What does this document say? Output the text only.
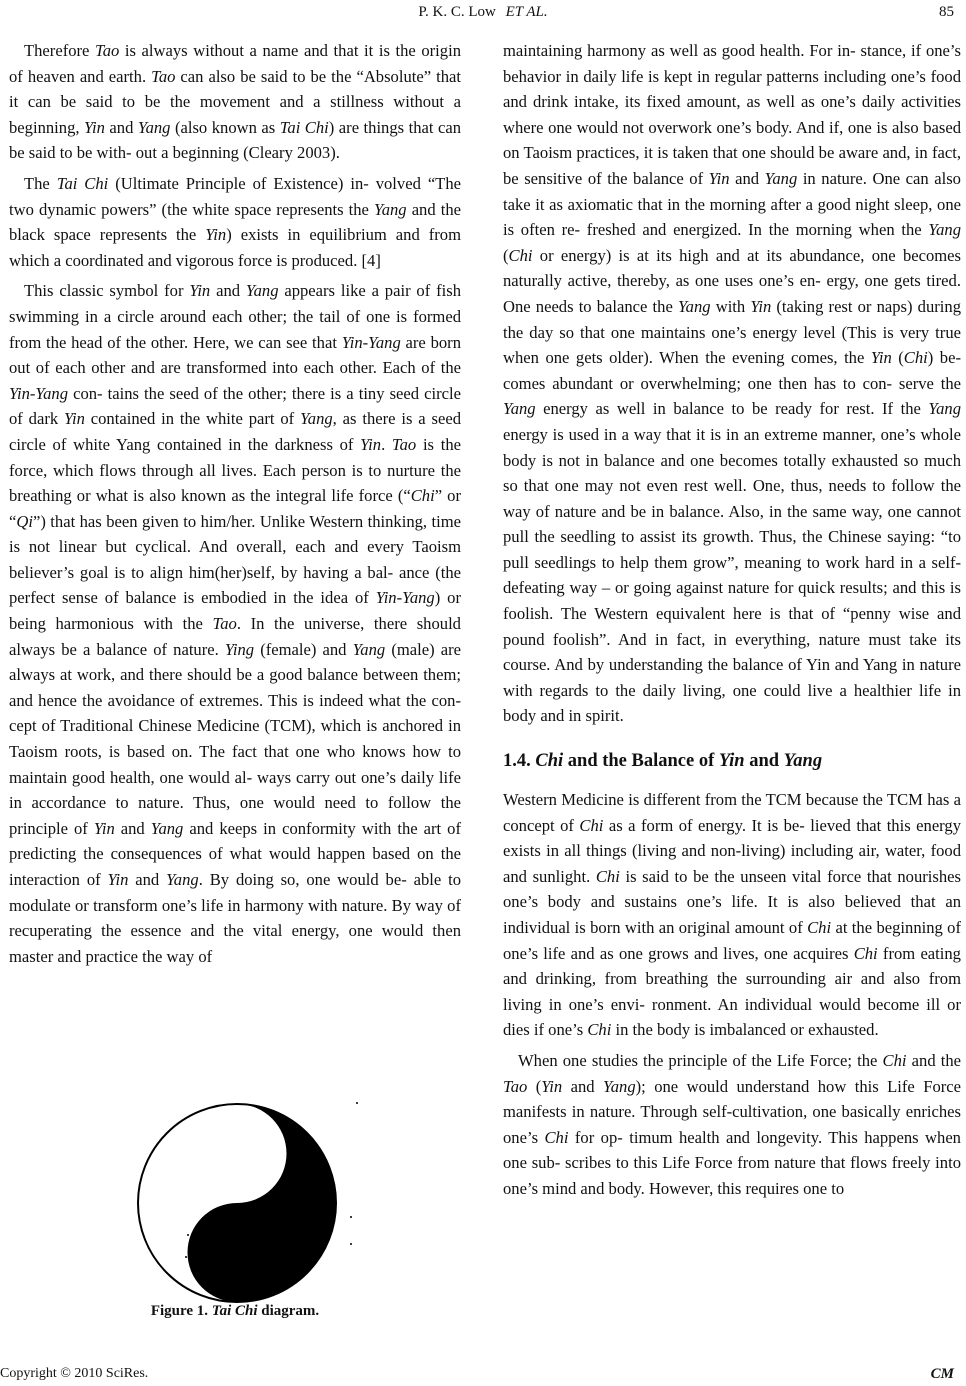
P. K. C. Low ET AL.	85

Therefore Tao is always without a name and that it is the origin of heaven and earth. Tao can also be said to be the “Absolute” that it can be said to be the movement and a stillness without a beginning, Yin and Yang (also known as Tai Chi) are things that can be said to be with- out a beginning (Cleary 2003).

The Tai Chi (Ultimate Principle of Existence) in- volved “The two dynamic powers” (the white space represents the Yang and the black space represents the Yin) exists in equilibrium and from which a coordinated and vigorous force is produced. [4]

This classic symbol for Yin and Yang appears like a pair of fish swimming in a circle around each other; the tail of one is formed from the head of the other. Here, we can see that Yin-Yang are born out of each other and are transformed into each other. Each of the Yin-Yang con- tains the seed of the other; there is a tiny seed circle of dark Yin contained in the white part of Yang, as there is a seed circle of white Yang contained in the darkness of Yin. Tao is the force, which flows through all lives. Each person is to nurture the breathing or what is also known as the integral life force (“Chi” or “Qi”) that has been given to him/her. Unlike Western thinking, time is not linear but cyclical. And overall, each and every Taoism believer’s goal is to align him(her)self, by having a bal- ance (the perfect sense of balance is embodied in the idea of Yin-Yang) or being harmonious with the Tao. In the universe, there should always be a balance of nature. Ying (female) and Yang (male) are always at work, and there should be a good balance between them; and hence the avoidance of extremes. This is indeed what the con- cept of Traditional Chinese Medicine (TCM), which is anchored in Taoism roots, is based on. The fact that one who knows how to maintain good health, one would al- ways carry out one’s daily life in accordance to nature. Thus, one would need to follow the principle of Yin and Yang and keeps in conformity with the art of predicting the consequences of what would happen based on the interaction of Yin and Yang. By doing so, one would be- able to modulate or transform one’s life in harmony with nature. By way of recuperating the essence and the vital energy, one would then master and practice the way of

Figure 1. Tai Chi diagram.

maintaining harmony as well as good health. For in- stance, if one’s behavior in daily life is kept in regular patterns including one’s food and drink intake, its fixed amount, as well as one’s daily activities where one would not overwork one’s body. And if, one is also based on Taoism practices, it is taken that one should be aware and, in fact, be sensitive of the balance of Yin and Yang in nature. One can also take it as axiomatic that in the morning after a good night sleep, one is often re- freshed and energized. In the morning when the Yang (Chi or energy) is at its high and at its abundance, one becomes naturally active, thereby, as one uses one’s en- ergy, one gets tired. One needs to balance the Yang with Yin (taking rest or naps) during the day so that one maintains one’s energy level (This is very true when one gets older). When the evening comes, the Yin (Chi) be- comes abundant or overwhelming; one then has to con- serve the Yang energy as well in balance to be ready for rest. If the Yang energy is used in a way that it is in an extreme manner, one’s whole body is not in balance and one becomes totally exhausted so much so that one may not even rest well. One, thus, needs to follow the way of nature and be in balance. Also, in the same way, one cannot pull the seedling to assist its growth. Thus, the Chinese saying: “to pull seedlings to help them grow”, meaning to work hard in a self-defeating way – or going against nature for quick results; and this is foolish. The Western equivalent here is that of “penny wise and pound foolish”. And in fact, in everything, nature must take its course. And by understanding the balance of Yin and Yang in nature with regards to the daily living, one could live a healthier life in body and in spirit.

1.4. Chi and the Balance of Yin and Yang

Western Medicine is different from the TCM because the TCM has a concept of Chi as a form of energy. It is be- lieved that this energy exists in all things (living and non-living) including air, water, food and sunlight. Chi is said to be the unseen vital force that nourishes one’s body and sustains one’s life. It is also believed that an individual is born with an original amount of Chi at the beginning of one’s life and as one grows and lives, one acquires Chi from eating and drinking, from breathing the surrounding air and also from living in one’s envi- ronment. An individual would become ill or dies if one’s Chi in the body is imbalanced or exhausted.

When one studies the principle of the Life Force; the Chi and the Tao (Yin and Yang); one would understand how this Life Force manifests in nature. Through self-cultivation, one basically enriches one’s Chi for op- timum health and longevity. This happens when one sub- scribes to this Life Force from nature that flows freely into one’s mind and body. However, this requires one to

Copyright © 2010 SciRes.	CM
